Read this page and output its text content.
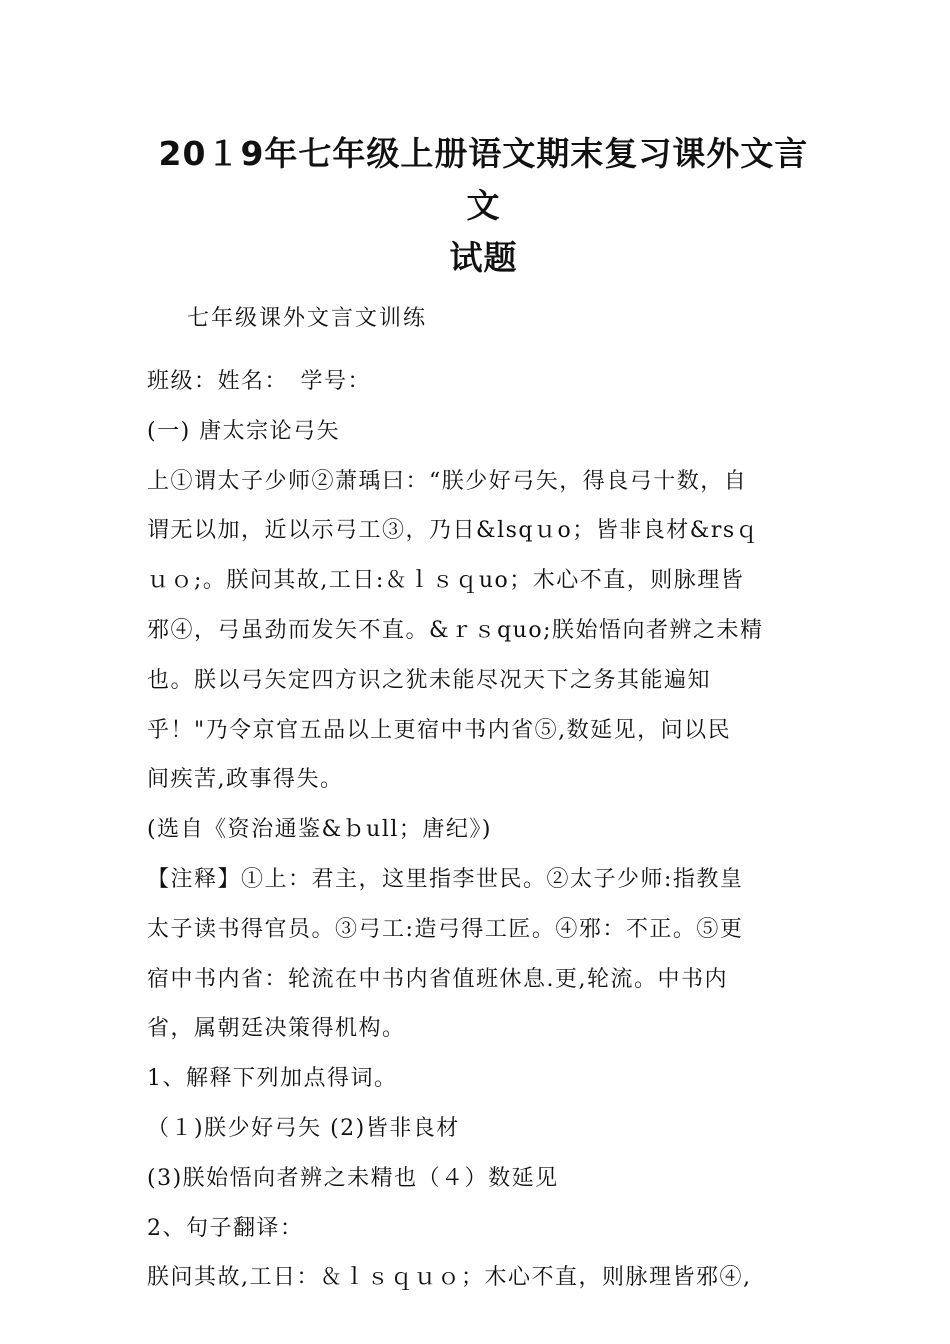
20１9年七年级上册语文期末复习课外文言文
试题

七年级课外文言文训练

班级：姓名：　学号：

(一) 唐太宗论弓矢

上①谓太子少师②萧瑀曰：“朕少好弓矢，得良弓十数，自

谓无以加，近以示弓工③，乃日&lsqｕo；皆非良材&rsｑ

ｕｏ;。朕问其故,工日:＆ｌｓｑuo；木心不直，则脉理皆

邪④，弓虽劲而发矢不直。&ｒｓquo;朕始悟向者辨之未精

也。朕以弓矢定四方识之犹未能尽况天下之务其能遍知

乎！"乃令京官五品以上更宿中书内省⑤,数延见，问以民

间疾苦,政事得失。

(选自《资治通鉴&ｂull；唐纪》)

【注释】①上：君主，这里指李世民。②太子少师:指教皇

太子读书得官员。③弓工:造弓得工匠。④邪：不正。⑤更

宿中书内省：轮流在中书内省值班休息.更,轮流。中书内

省，属朝廷决策得机构。

1、解释下列加点得词。

（１)朕少好弓矢 (2)皆非良材

(3)朕始悟向者辨之未精也（４）数延见

2、句子翻译：

朕问其故,工日：＆ｌｓｑｕｏ；木心不直，则脉理皆邪④,
